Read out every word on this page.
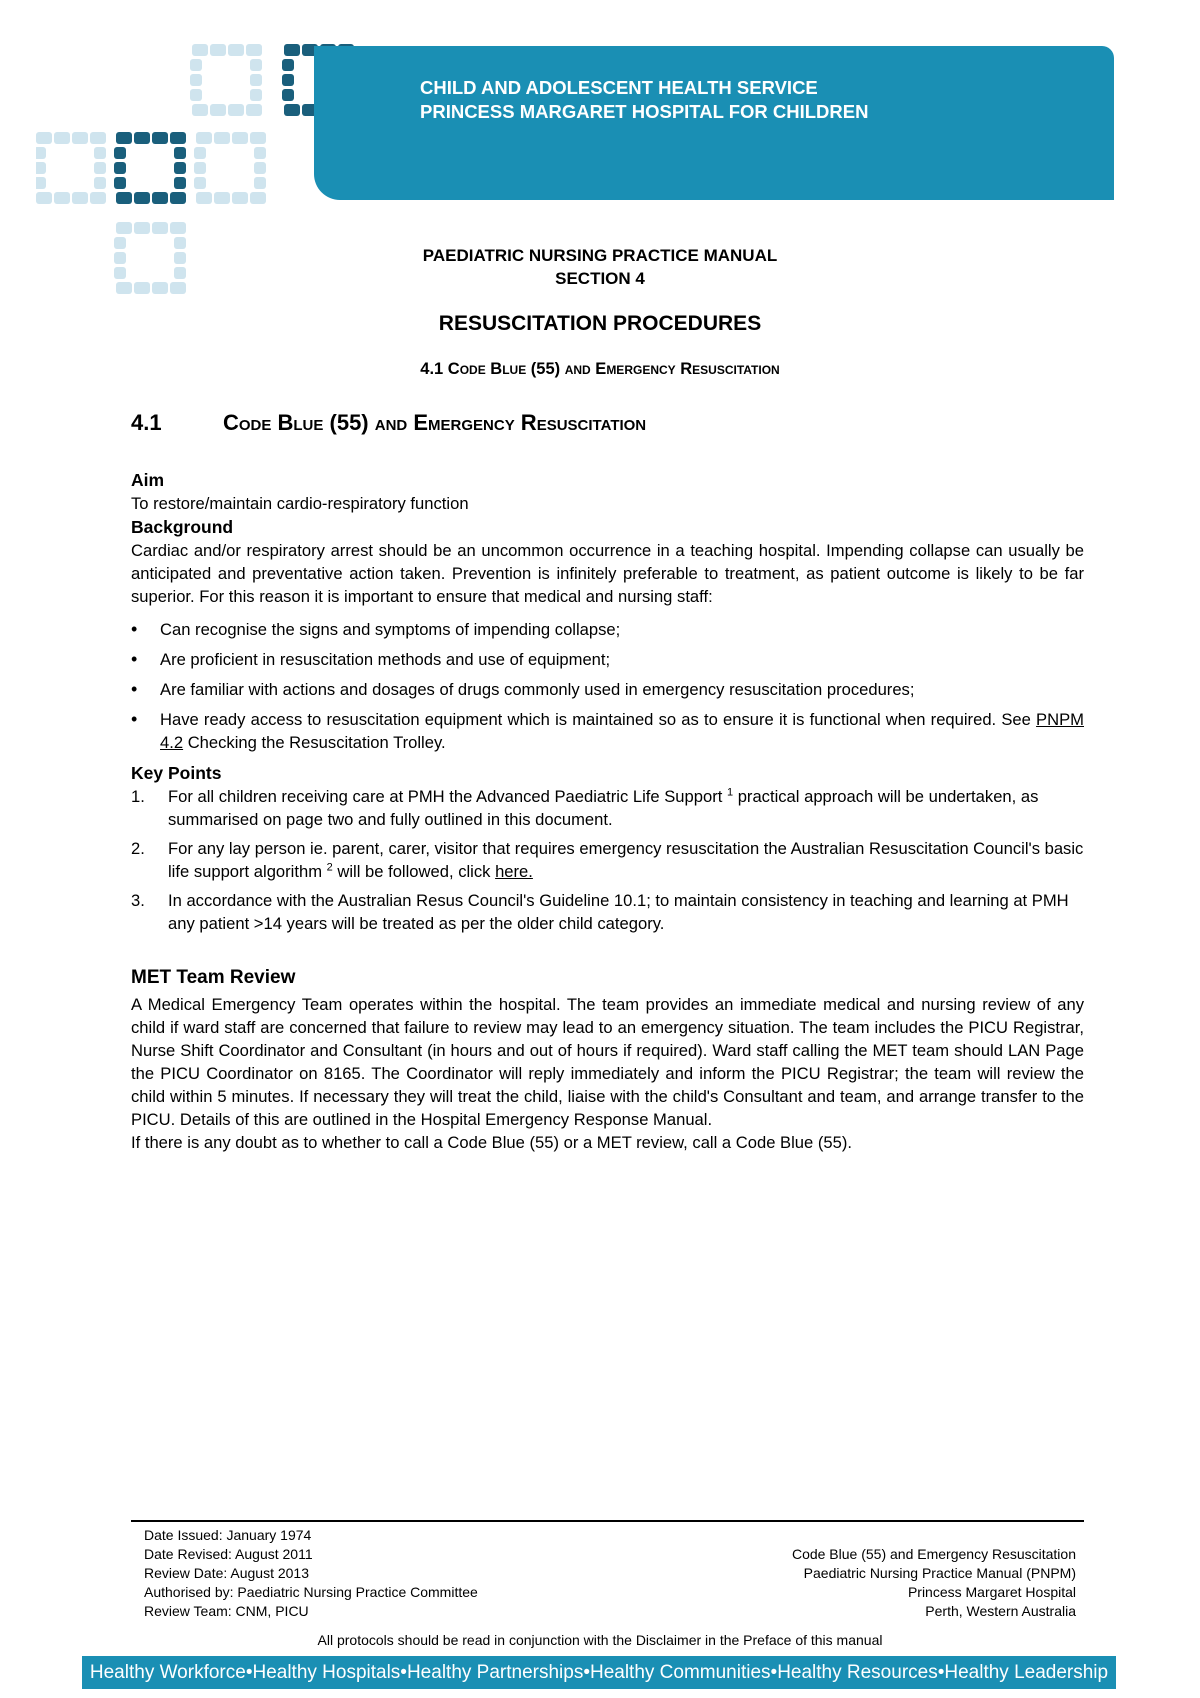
CHILD AND ADOLESCENT HEALTH SERVICE
PRINCESS MARGARET HOSPITAL FOR CHILDREN
PAEDIATRIC NURSING PRACTICE MANUAL
SECTION 4
RESUSCITATION PROCEDURES
4.1 Code Blue (55) and Emergency Resuscitation
4.1	Code Blue (55) and Emergency Resuscitation
Aim

To restore/maintain cardio-respiratory function

Background

Cardiac and/or respiratory arrest should be an uncommon occurrence in a teaching hospital. Impending collapse can usually be anticipated and preventative action taken. Prevention is infinitely preferable to treatment, as patient outcome is likely to be far superior. For this reason it is important to ensure that medical and nursing staff:

• Can recognise the signs and symptoms of impending collapse;
• Are proficient in resuscitation methods and use of equipment;
• Are familiar with actions and dosages of drugs commonly used in emergency resuscitation procedures;
• Have ready access to resuscitation equipment which is maintained so as to ensure it is functional when required. See PNPM 4.2 Checking the Resuscitation Trolley.
Key Points
1. For all children receiving care at PMH the Advanced Paediatric Life Support $^1$ practical approach will be undertaken, as summarised on page two and fully outlined in this document.
2. For any lay person ie. parent, carer, visitor that requires emergency resuscitation the Australian Resuscitation Council's basic life support algorithm $^2$ will be followed, click here.
3. In accordance with the Australian Resus Council's Guideline 10.1; to maintain consistency in teaching and learning at PMH any patient >14 years will be treated as per the older child category.
MET Team Review

A Medical Emergency Team operates within the hospital. The team provides an immediate medical and nursing review of any child if ward staff are concerned that failure to review may lead to an emergency situation. The team includes the PICU Registrar, Nurse Shift Coordinator and Consultant (in hours and out of hours if required). Ward staff calling the MET team should LAN Page the PICU Coordinator on 8165. The Coordinator will reply immediately and inform the PICU Registrar; the team will review the child within 5 minutes. If necessary they will treat the child, liaise with the child's Consultant and team, and arrange transfer to the PICU. Details of this are outlined in the Hospital Emergency Response Manual.

If there is any doubt as to whether to call a Code Blue (55) or a MET review, call a Code Blue (55).

Date Issued: January 1974
Date Revised: August 2011
Review Date: August 2013
Authorised by: Paediatric Nursing Practice Committee
Review Team: CNM, PICU
Code Blue (55) and Emergency Resuscitation
Paediatric Nursing Practice Manual (PNPM)
Princess Margaret Hospital
Perth, Western Australia
All protocols should be read in conjunction with the Disclaimer in the Preface of this manual
Healthy Workforce•Healthy Hospitals•Healthy Partnerships•Healthy Communities•Healthy Resources•Healthy Leadership
